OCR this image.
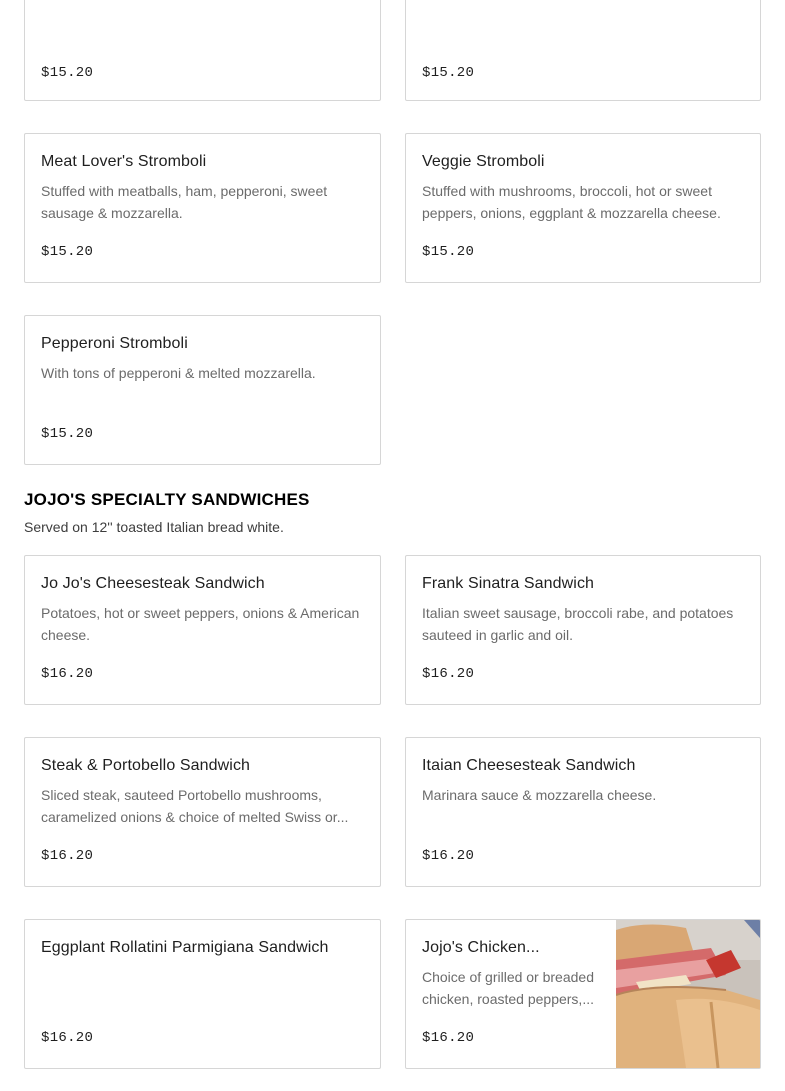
$15.20	$15.20
Meat Lover's Stromboli
Stuffed with meatballs, ham, pepperoni, sweet sausage & mozzarella.
$15.20
Veggie Stromboli
Stuffed with mushrooms, broccoli, hot or sweet peppers, onions, eggplant & mozzarella cheese.
$15.20
Pepperoni Stromboli
With tons of pepperoni & melted mozzarella.
$15.20
JOJO'S SPECIALTY SANDWICHES
Served on 12'' toasted Italian bread white.
Jo Jo's Cheesesteak Sandwich
Potatoes, hot or sweet peppers, onions & American cheese.
$16.20
Frank Sinatra Sandwich
Italian sweet sausage, broccoli rabe, and potatoes sauteed in garlic and oil.
$16.20
Steak & Portobello Sandwich
Sliced steak, sauteed Portobello mushrooms, caramelized onions & choice of melted Swiss or...
$16.20
Itaian Cheesesteak Sandwich
Marinara sauce & mozzarella cheese.
$16.20
Eggplant Rollatini Parmigiana Sandwich
$16.20
Jojo's Chicken...
Choice of grilled or breaded chicken, roasted peppers,...
$16.20
